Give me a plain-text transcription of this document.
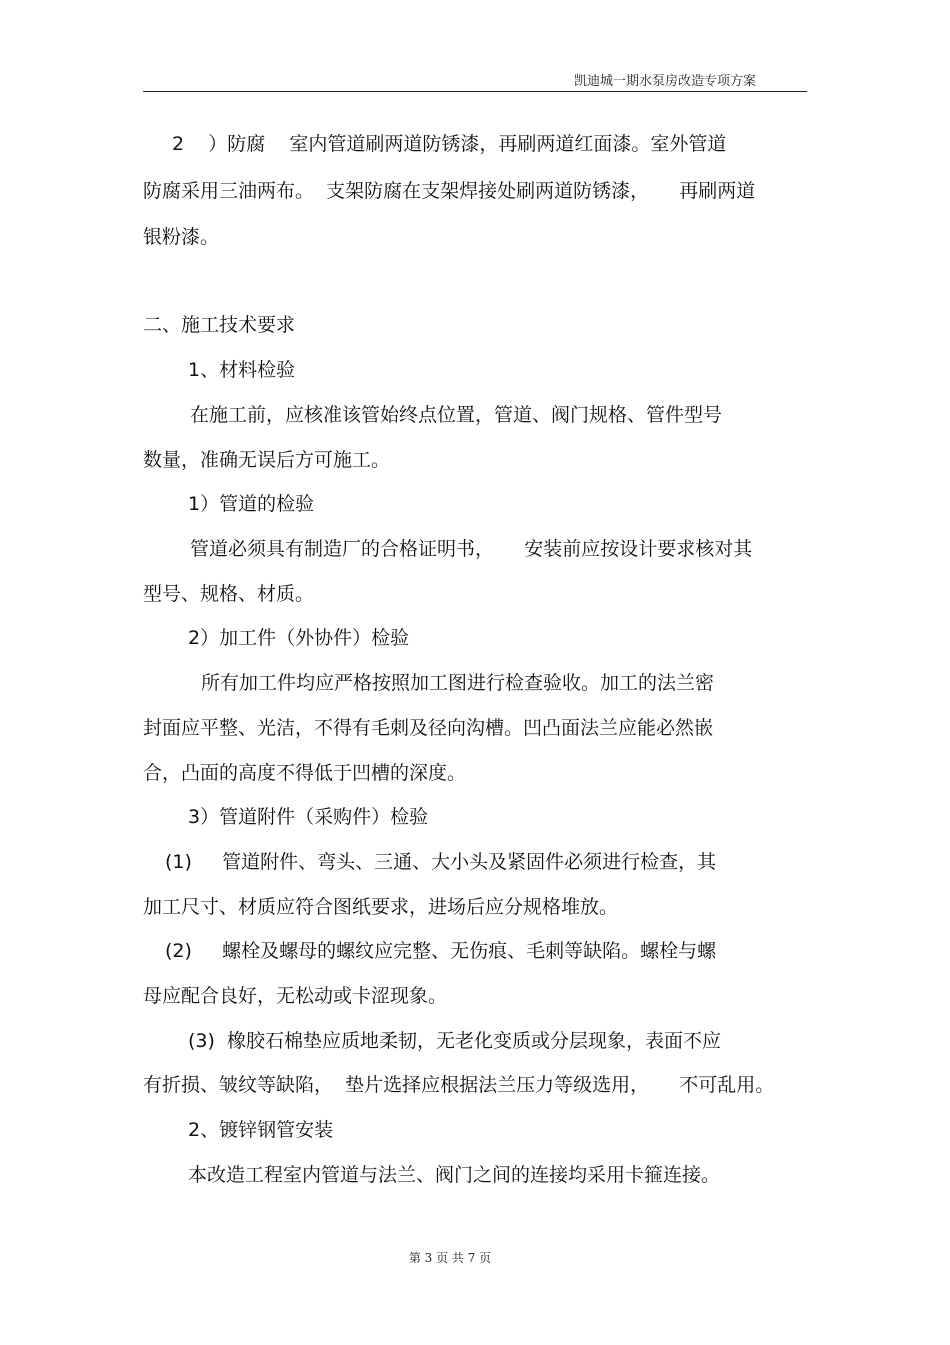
凯迪城一期水泵房改造专项方案
2    ）防腐    室内管道刷两道防锈漆，再刷两道红面漆。室外管道
防腐采用三油两布。  支架防腐在支架焊接处刷两道防锈漆，     再刷两道
银粉漆。
二、施工技术要求
1、材料检验
在施工前，应核准该管始终点位置，管道、阀门规格、管件型号
数量，准确无误后方可施工。
1）管道的检验
管道必须具有制造厂的合格证明书，     安装前应按设计要求核对其
型号、规格、材质。
2）加工件（外协件）检验
所有加工件均应严格按照加工图进行检查验收。加工的法兰密
封面应平整、光洁，不得有毛刺及径向沟槽。凹凸面法兰应能必然嵌
合，凸面的高度不得低于凹槽的深度。
3）管道附件（采购件）检验
(1)     管道附件、弯头、三通、大小头及紧固件必须进行检查，其
加工尺寸、材质应符合图纸要求，进场后应分规格堆放。
(2)     螺栓及螺母的螺纹应完整、无伤痕、毛刺等缺陷。螺栓与螺
母应配合良好，无松动或卡涩现象。
(3)  橡胶石棉垫应质地柔韧，无老化变质或分层现象，表面不应
有折损、皱纹等缺陷，  垫片选择应根据法兰压力等级选用，     不可乱用。
2、镀锌钢管安装
本改造工程室内管道与法兰、阀门之间的连接均采用卡箍连接。
第 3 页 共 7 页
